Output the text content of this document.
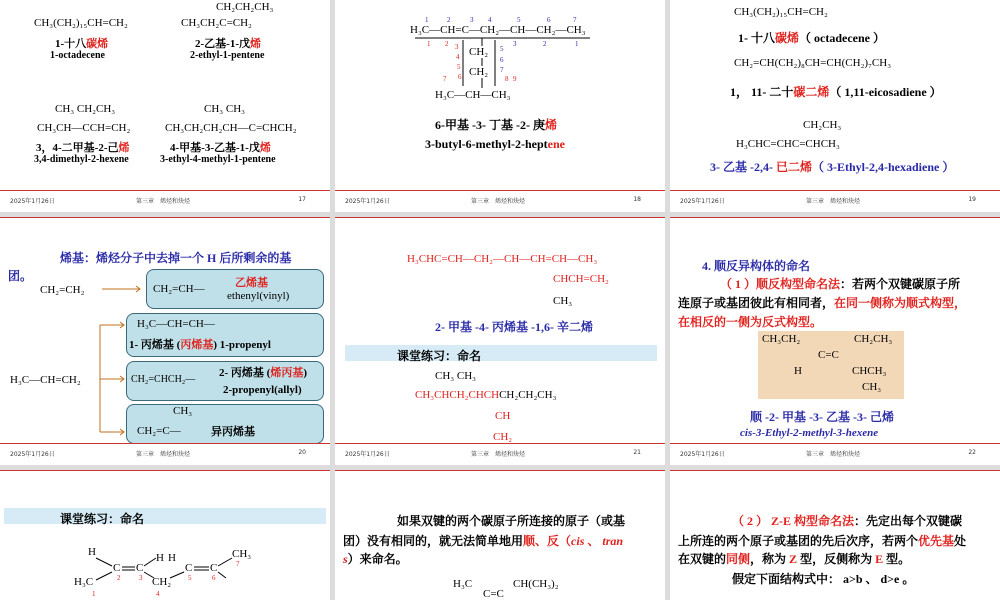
CH₃(CH₂)₁₅CH=CH₂
1-十八碳烯
1-octadecene
CH₂CH₂CH₃
CH₃CH₂C=CH₂
2-乙基-1-戊烯
2-ethyl-1-pentene
CH₃ CH₂CH₃
CH₃CH—CCH=CH₂
3，4-二甲基-2-己烯
3,4-dimethyl-2-hexene
CH₃ CH₃
CH₃CH₂CH₂CH—C=CHCH₂
4-甲基-3-乙基-1-戊烯
3-ethyl-4-methyl-1-pentene
2025年1月26日	第三章　烯烃和炔烃	17
1	2	3 4	5	6	7
H₃C—CH=C—CH₂—CH—CH₂—CH₃
1 2 3
4
5
6
7	8 9
5
6
7
3	2	1
CH₂
CH₂
H₃C—CH—CH₃
6-甲基 -3- 丁基 -2- 庚烯
3-butyl-6-methyl-2-heptene
2025年1月26日	第三章　烯烃和炔烃	18
CH₃(CH₂)₁₅CH=CH₂
1- 十八碳烯（ octadecene ）
CH₂=CH(CH₂)₈CH=CH(CH₂)₇CH₃
1， 11- 二十碳二烯（ 1,11-eicosadiene ）
CH₂CH₃
H₃CHC=CHC=CHCH₃
3- 乙基 -2,4- 已二烯（ 3-Ethyl-2,4-hexadiene ）
2025年1月26日	第三章　烯烃和炔烃	19
烯基：烯烃分子中去掉一个 H 后所剩余的基
团。
CH₂=CH₂
H₃C—CH=CH₂
CH₂=CH—	乙烯基
ethenyl(vinyl)
H₃C—CH=CH—
1- 丙烯基 (丙烯基) 1-propenyl
CH₂=CHCH₂—
2- 丙烯基 (烯丙基)
2-propenyl(allyl)
CH₃
CH₂=C—	异丙烯基
2025年1月26日	第三章　烯烃和炔烃	20
H₃CHC=CH—CH₂—CH—CH=CH—CH₃
CHCH=CH₂
CH₃
2- 甲基 -4- 丙烯基 -1,6- 辛二烯
课堂练习：命名
CH₃ CH₃
CH₃CHCH₂CHCHCH₂CH₂CH₃
CH
CH₂
2025年1月26日	第三章　烯烃和炔烃	21
4. 顺反异构体的命名
（ 1 ）顺反构型命名法：若两个双键碳原子所
连原子或基团彼此有相同者，在同一侧称为顺式构型，
在相反的一侧为反式构型。
CH₃CH₂	CH₂CH₃
C=C
H	CHCH₃
CH₃
顺 -2- 甲基 -3- 乙基 -3- 己烯
cis-3-Ethyl-2-methyl-3-hexene
2025年1月26日	第三章　烯烃和炔烃	22
课堂练习：命名
H
C C
H H
C C
CH₃
H₃C	CH₂
1
2	3
4
5	6
7
如果双键的两个碳原子所连接的原子（或基
团）没有相同的，就无法简单地用顺、反（cis 、 tran
s）来命名。
H₃C	CH(CH₃)₂
C=C
（ 2 ） Z-E 构型命名法：先定出每个双键碳
上所连的两个原子或基团的先后次序，若两个优先基处
在双键的同侧，称为 Z 型，反侧称为 E 型。
假定下面结构式中： a>b 、 d>e 。
